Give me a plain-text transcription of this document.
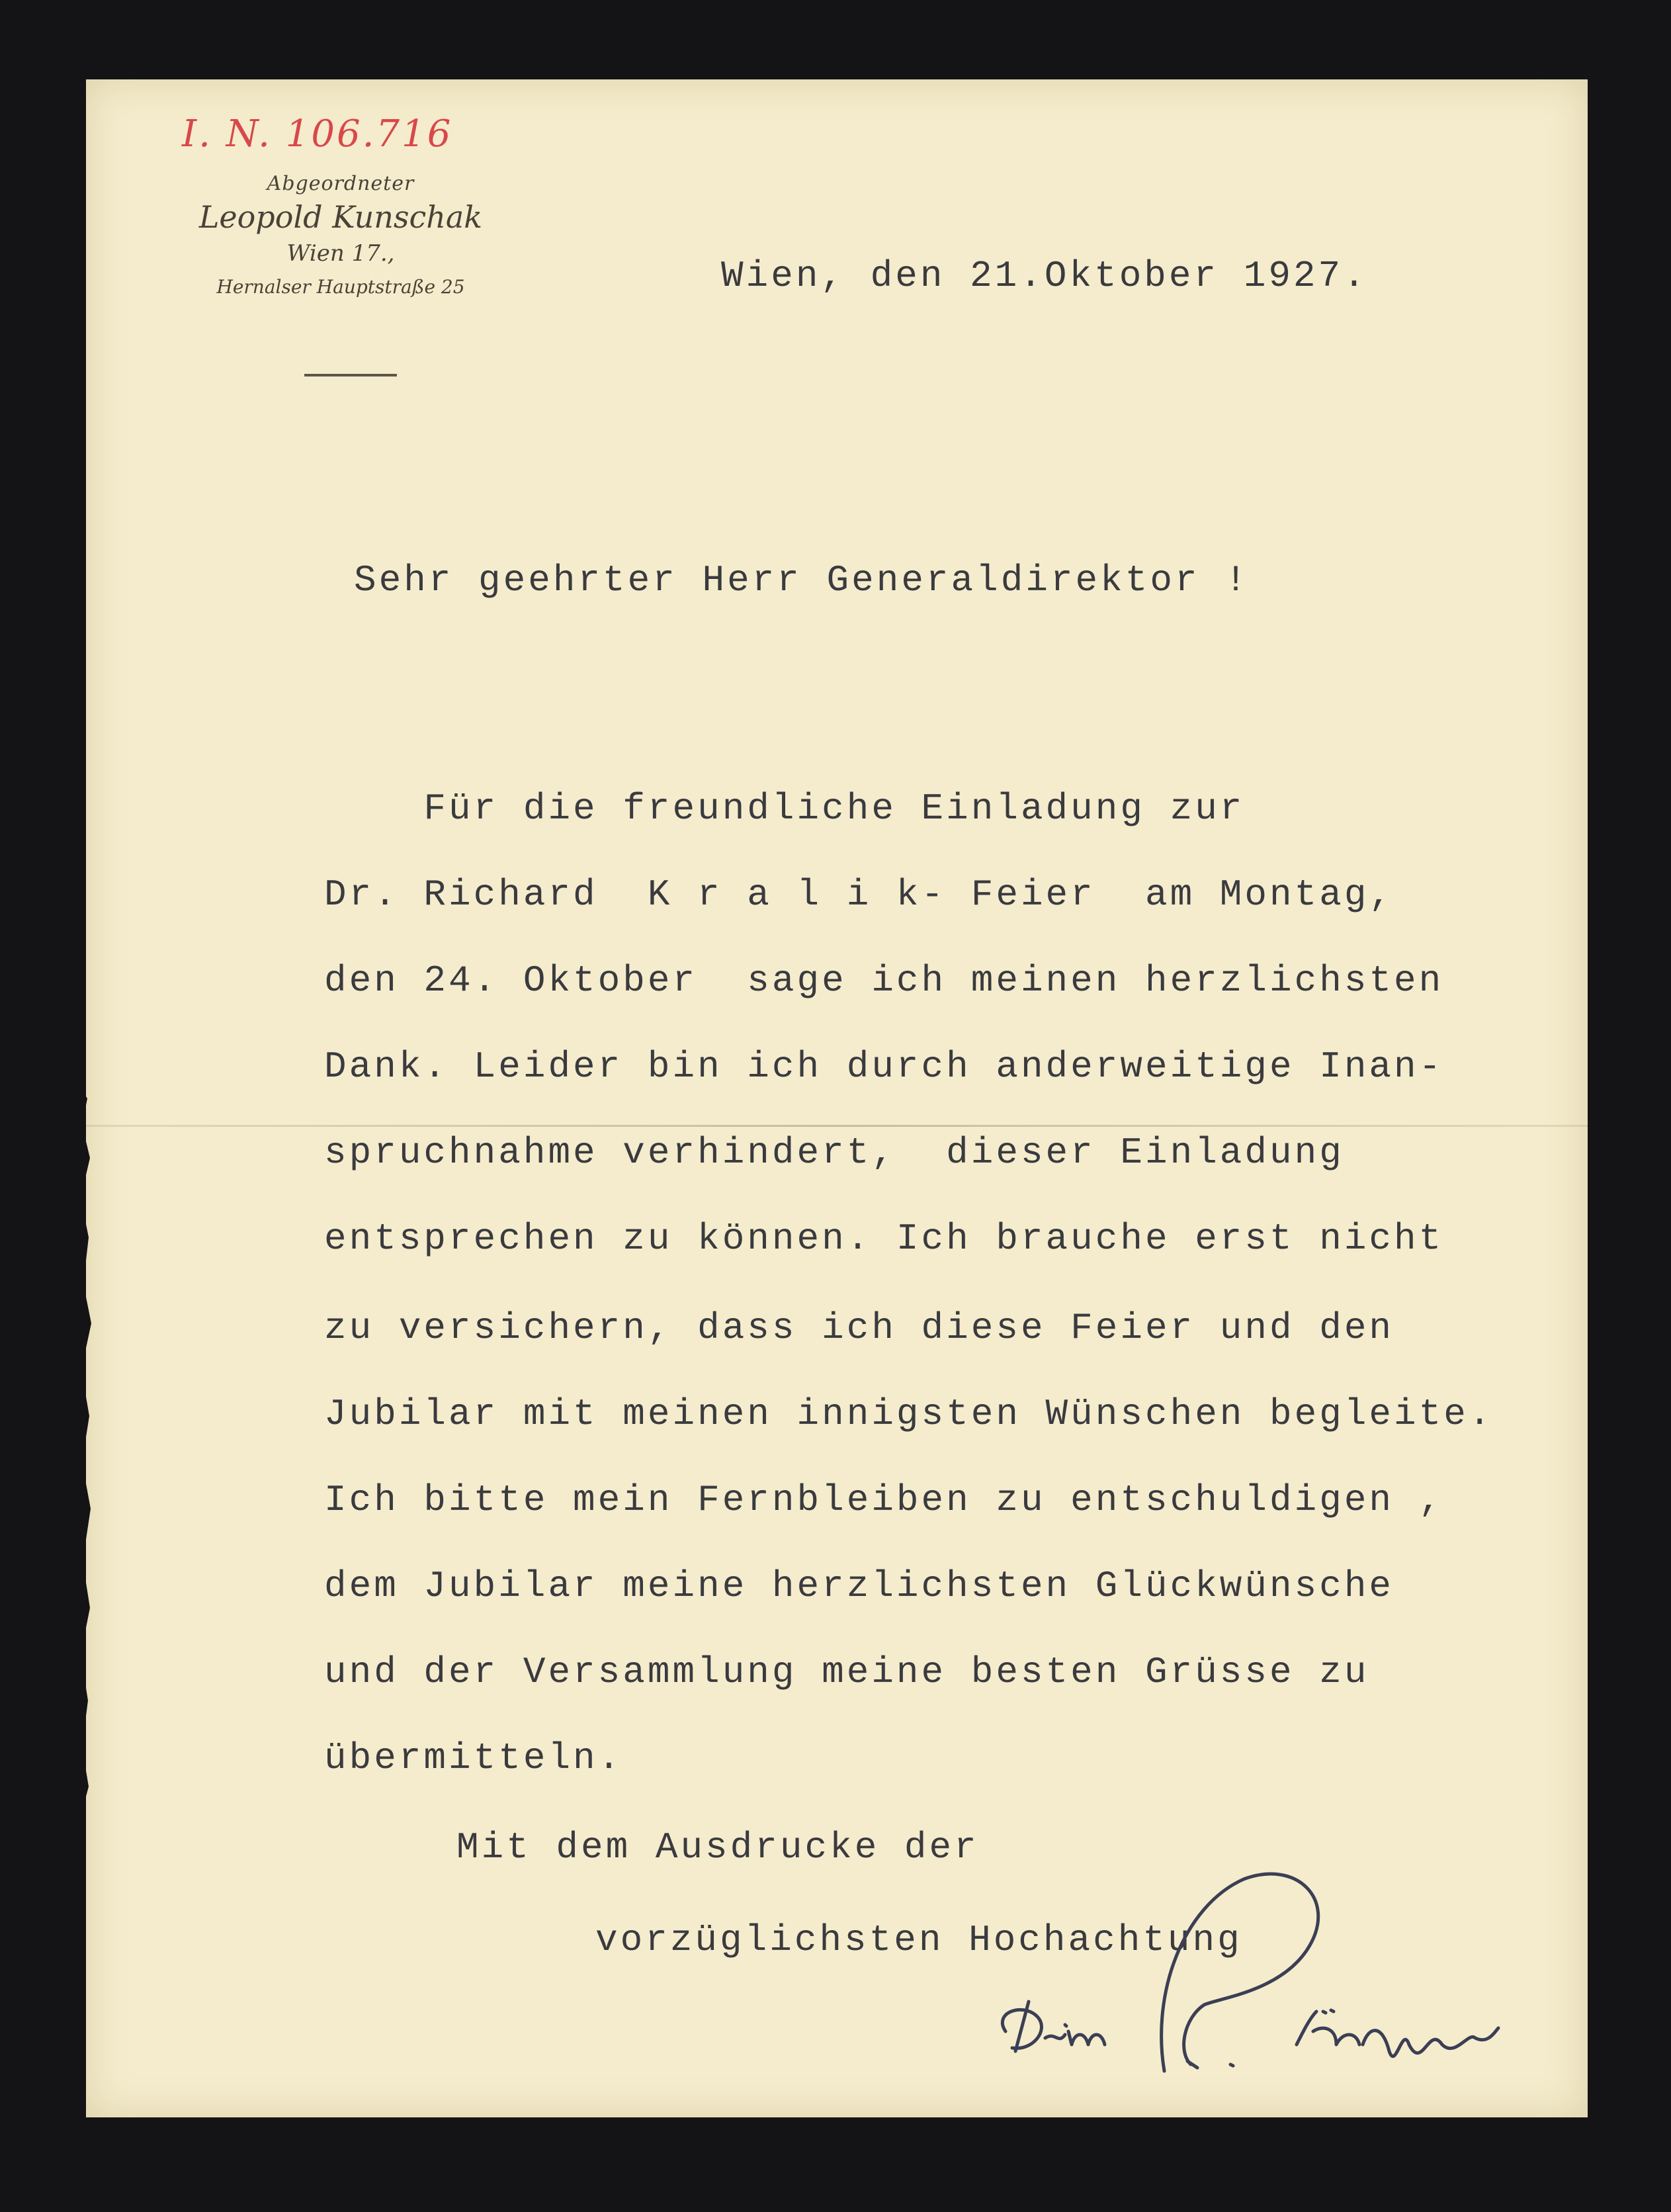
I. N. 106.716
Abgeordneter
Leopold Kunschak
Wien 17.,
Hernalser Hauptstraße 25	Wien, den 21.Oktober 1927.
Sehr geehrter Herr Generaldirektor !
Für die freundliche Einladung zur
Dr. Richard  K r a l i k- Feier  am Montag,
den 24. Oktober  sage ich meinen herzlichsten
Dank. Leider bin ich durch anderweitige Inan-
spruchnahme verhindert,  dieser Einladung
entsprechen zu können. Ich brauche erst nicht
zu versichern, dass ich diese Feier und den
Jubilar mit meinen innigsten Wünschen begleite.
Ich bitte mein Fernbleiben zu entschuldigen ,
dem Jubilar meine herzlichsten Glückwünsche
und der Versammlung meine besten Grüsse zu
übermitteln.
Mit dem Ausdrucke der
vorzüglichsten Hochachtung
